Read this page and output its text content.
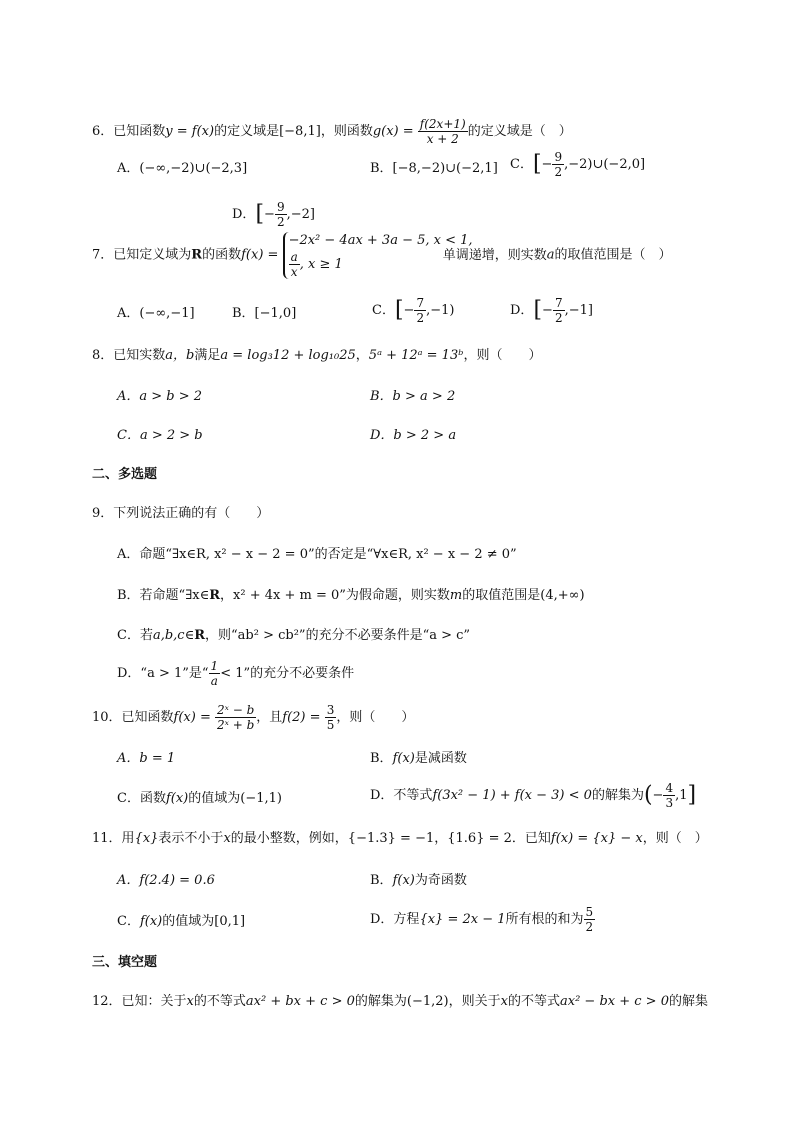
6．已知函数y = f(x)的定义域是[−8,1]，则函数$g(x) = \frac{f(2x+1)}{x + 2}$ 的定义域是（　）
A．(−∞,−2)∪(−2,3]	B．[−8,−2)∪(−2,1] C．[− $\frac{9}{2}$ ,−2)∪(−2,0]
D．[− $\frac{9}{2} ,-2$]
7．已知定义域为R的函数f(x) =
−2x² − 4ax + 3a − 5, x < 1,
$\frac{a}{x}$ , x ≥ 1
单调递增，则实数a的取值范围是（　）
A．(−∞,−1]	B．[−1,0]	C．[− $\frac{7}{2} ,-1$)	D．[− $\frac{7}{2} ,-1$]
8．已知实数a，b满足a = log₃12 + log₁₀25，5ᵃ + 12ᵃ = 13ᵇ，则（　　）
A．a > b > 2	B．b > a > 2
C．a > 2 > b	D．b > 2 > a
二、多选题
9．下列说法正确的有（　　）
A．命题“∃x∈R, x² − x − 2 = 0”的否定是“∀x∈R, x² − x − 2 ≠ 0”
B．若命题“∃x∈R，x² + 4x + m = 0”为假命题，则实数m的取值范围是(4,+∞)
C．若a,b,c∈R，则“ab² > cb²”的充分不必要条件是“a > c”
D．“a > 1”是“ $\frac{1}{a} < 1$”的充分不必要条件
10．已知函数$f(x) = \frac{\text{2ˣ − b}}{\text{2ˣ + b}}$ ，且$f(2) = \frac{3}{5}$ ，则（　　）
A．b = 1	B．f(x)是减函数
C．函数f(x)的值域为(−1,1)	D．不等式f(3x² − 1) + f(x − 3) < 0的解集为(− $\frac{4}{3} ,1$]
11．用{x}表示不小于x的最小整数，例如，{−1.3} = −1，{1.6} = 2．已知f(x) = {x} − x，则（　）
A．f(2.4) = 0.6	B．f(x)为奇函数
C．f(x)的值域为[0,1]	D．方程{x} = 2x − 1所有根的和为 $\frac{5}{2}$
三、填空题
12．已知：关于x的不等式ax² + bx + c > 0的解集为(−1,2)，则关于x的不等式ax² − bx + c > 0的解集
